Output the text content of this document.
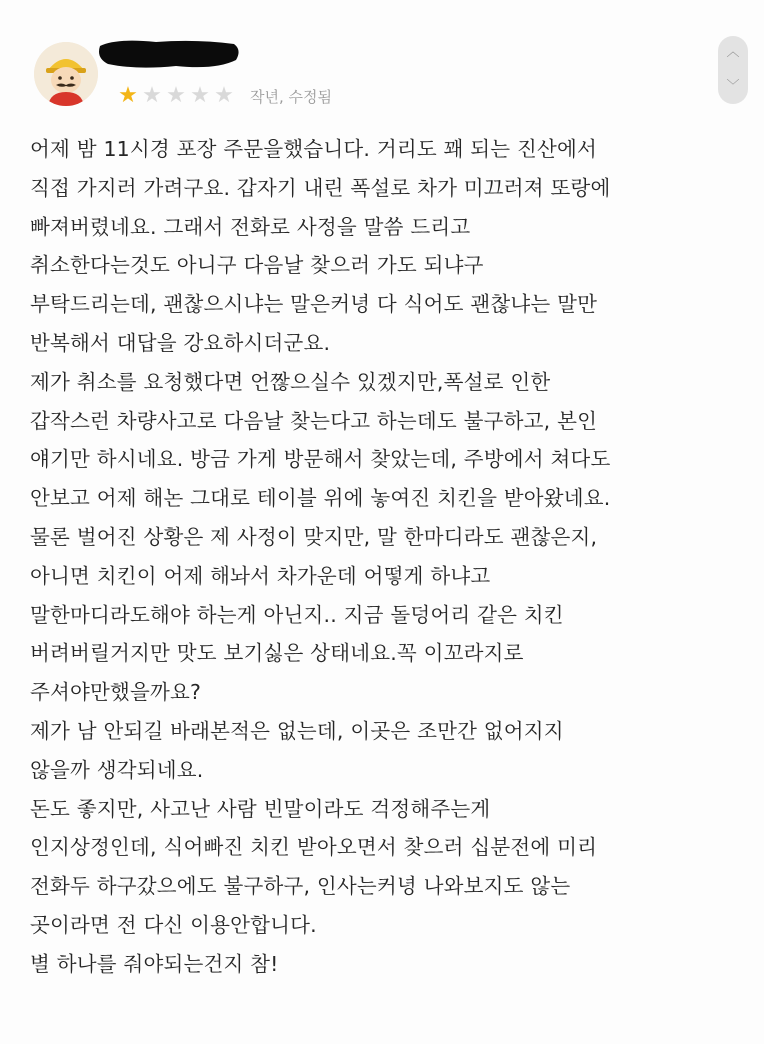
★ ★ ★ ★ ★ 작년, 수정됨
︿
﹀
어제 밤 11시경 포장 주문을했습니다. 거리도 꽤 되는 진산에서
직접 가지러 가려구요. 갑자기 내린 폭설로 차가 미끄러져 또랑에
빠져버렸네요. 그래서 전화로 사정을 말씀 드리고
취소한다는것도 아니구 다음날 찾으러 가도 되냐구
부탁드리는데, 괜찮으시냐는 말은커녕 다 식어도 괜찮냐는 말만
반복해서 대답을 강요하시더군요.
제가 취소를 요청했다면 언짢으실수 있겠지만,폭설로 인한
갑작스런 차량사고로 다음날 찾는다고 하는데도 불구하고, 본인
얘기만 하시네요. 방금 가게 방문해서 찾았는데, 주방에서 쳐다도
안보고 어제 해논 그대로 테이블 위에 놓여진 치킨을 받아왔네요.
물론 벌어진 상황은 제 사정이 맞지만, 말 한마디라도 괜찮은지,
아니면 치킨이 어제 해놔서 차가운데 어떻게 하냐고
말한마디라도해야 하는게 아닌지.. 지금 돌덩어리 같은 치킨
버려버릴거지만 맛도 보기싫은 상태네요.꼭 이꼬라지로
주셔야만했을까요?
제가 남 안되길 바래본적은 없는데, 이곳은 조만간 없어지지
않을까 생각되네요.
돈도 좋지만, 사고난 사람 빈말이라도 걱정해주는게
인지상정인데, 식어빠진 치킨 받아오면서 찾으러 십분전에 미리
전화두 하구갔으에도 불구하구, 인사는커녕 나와보지도 않는
곳이라면 전 다신 이용안합니다.
별 하나를 줘야되는건지 참!
